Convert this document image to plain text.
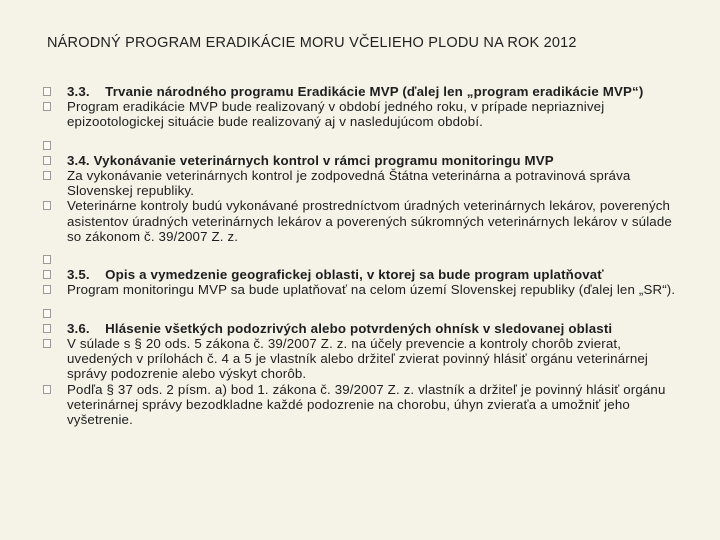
NÁRODNÝ PROGRAM ERADIKÁCIE MORU VČELIEHO PLODU NA ROK 2012
3.3.    Trvanie národného programu Eradikácie MVP (ďalej len „program eradikácie MVP“)
Program eradikácie MVP bude realizovaný v období jedného roku, v prípade nepriaznivej epizootologickej situácie bude realizovaný aj v nasledujúcom období.
3.4. Vykonávanie veterinárnych kontrol v rámci programu monitoringu MVP
Za vykonávanie veterinárnych kontrol je zodpovedná Štátna veterinárna a potravinová správa Slovenskej republiky.
Veterinárne kontroly budú vykonávané prostredníctvom úradných veterinárnych lekárov, poverených asistentov úradných veterinárnych lekárov a poverených súkromných veterinárnych lekárov v súlade so zákonom č. 39/2007 Z. z.
3.5.    Opis a vymedzenie geografickej oblasti, v ktorej sa bude program uplatňovať
Program monitoringu MVP sa bude uplatňovať na celom území Slovenskej republiky (ďalej len „SR“).
3.6.    Hlásenie všetkých podozrivých alebo potvrdených ohnísk v sledovanej oblasti
V súlade s § 20 ods. 5 zákona č. 39/2007 Z. z. na účely prevencie a kontroly chorôb zvierat, uvedených v prílohách č. 4 a 5 je vlastník alebo držiteľ zvierat povinný hlásiť orgánu veterinárnej správy podozrenie alebo výskyt chorôb.
Podľa § 37 ods. 2 písm. a) bod 1. zákona č. 39/2007 Z. z. vlastník a držiteľ je povinný hlásiť orgánu veterinárnej správy bezodkladne každé podozrenie na chorobu, úhyn zvieraťa a umožniť jeho vyšetrenie.
